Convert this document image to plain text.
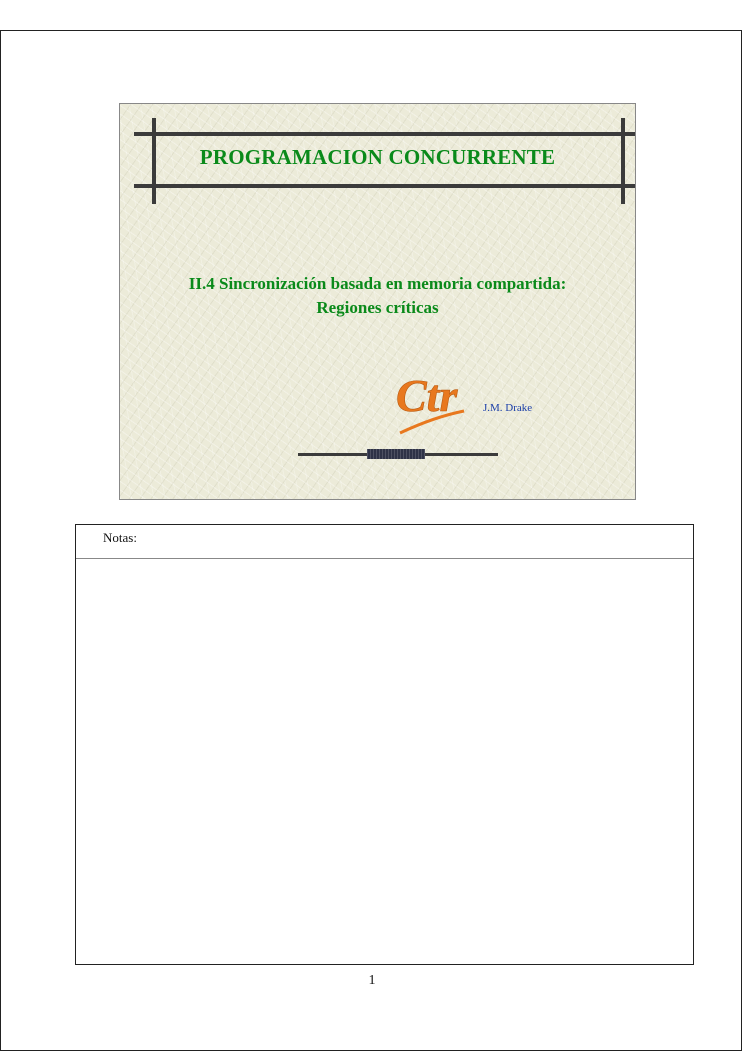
PROGRAMACION CONCURRENTE
II.4 Sincronización basada en memoria compartida:
Regiones críticas
Ctr J.M. Drake
Notas:
1
